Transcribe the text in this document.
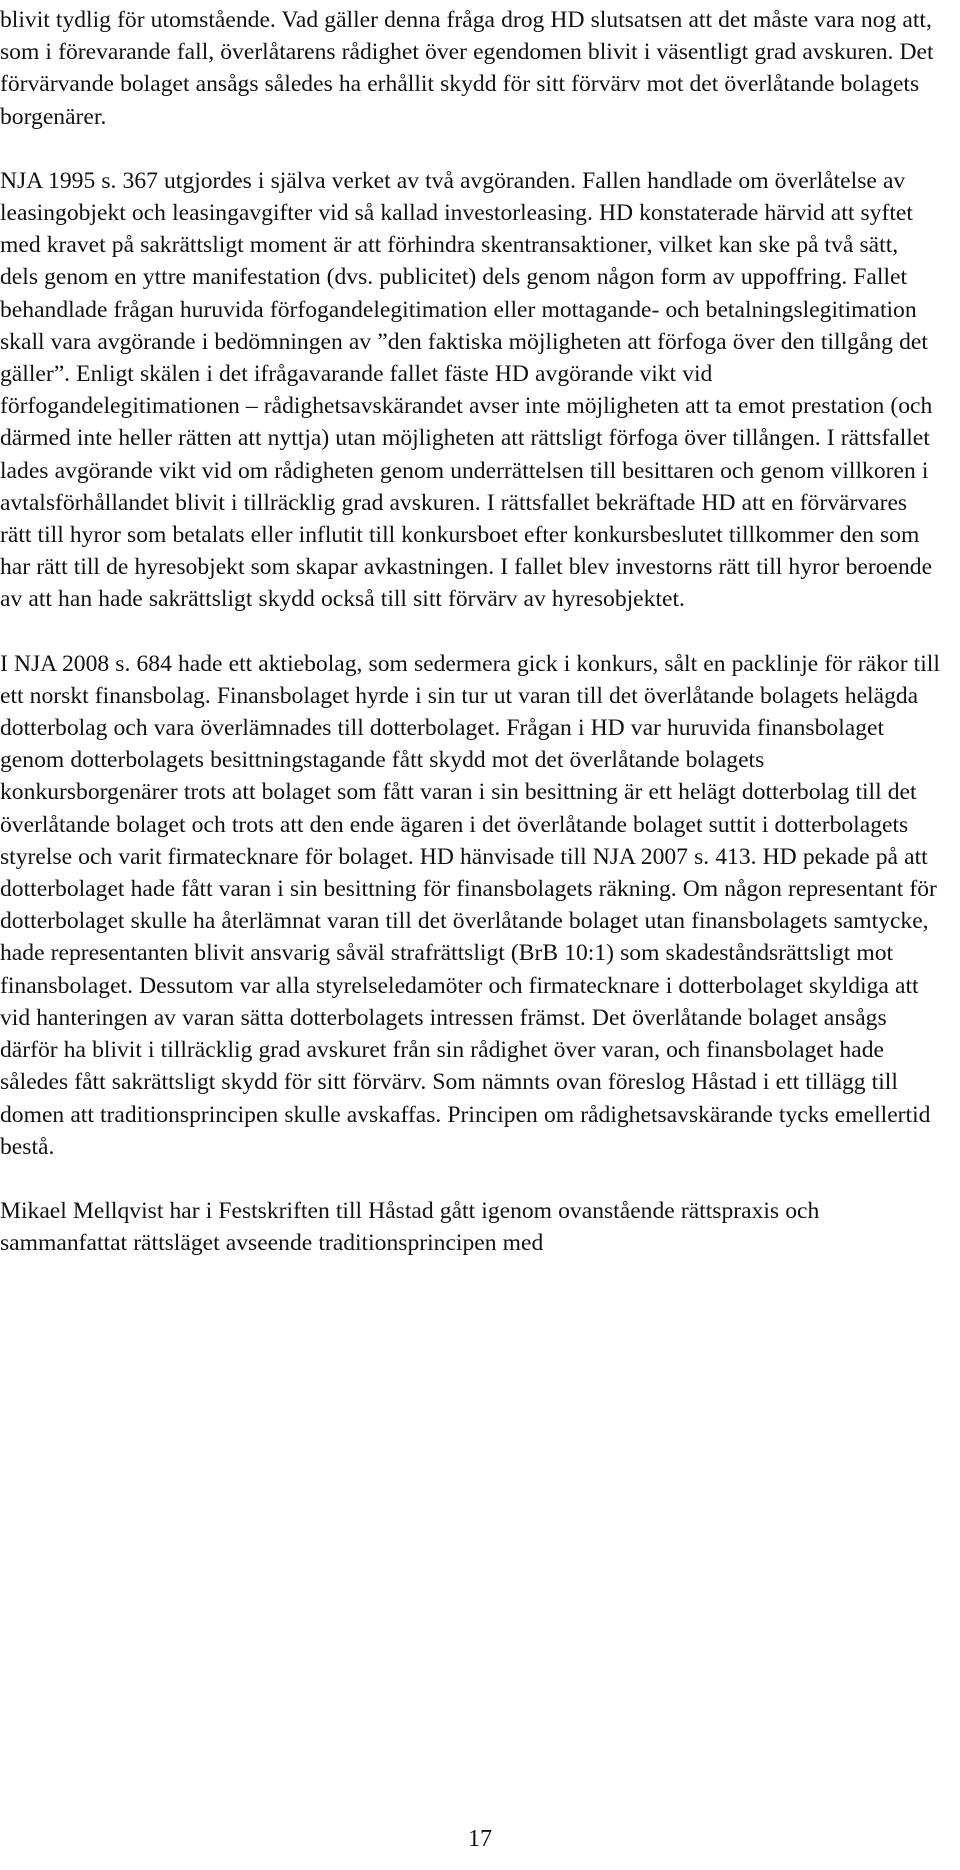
blivit tydlig för utomstående. Vad gäller denna fråga drog HD slutsatsen att det måste vara nog att, som i förevarande fall, överlåtarens rådighet över egendomen blivit i väsentligt grad avskuren. Det förvärvande bolaget ansågs således ha erhållit skydd för sitt förvärv mot det överlåtande bolagets borgenärer.

NJA 1995 s. 367 utgjordes i själva verket av två avgöranden. Fallen handlade om överlåtelse av leasingobjekt och leasingavgifter vid så kallad investorleasing. HD konstaterade härvid att syftet med kravet på sakrättsligt moment är att förhindra skentransaktioner, vilket kan ske på två sätt, dels genom en yttre manifestation (dvs. publicitet) dels genom någon form av uppoffring. Fallet behandlade frågan huruvida förfogandelegitimation eller mottagande- och betalningslegitimation skall vara avgörande i bedömningen av ”den faktiska möjligheten att förfoga över den tillgång det gäller”. Enligt skälen i det ifrågavarande fallet fäste HD avgörande vikt vid förfogandelegitimationen – rådighetsavskärandet avser inte möjligheten att ta emot prestation (och därmed inte heller rätten att nyttja) utan möjligheten att rättsligt förfoga över tillången. I rättsfallet lades avgörande vikt vid om rådigheten genom underrättelsen till besittaren och genom villkoren i avtalsförhållandet blivit i tillräcklig grad avskuren. I rättsfallet bekräftade HD att en förvärvares rätt till hyror som betalats eller influtit till konkursboet efter konkursbeslutet tillkommer den som har rätt till de hyresobjekt som skapar avkastningen. I fallet blev investorns rätt till hyror beroende av att han hade sakrättsligt skydd också till sitt förvärv av hyresobjektet.

I NJA 2008 s. 684 hade ett aktiebolag, som sedermera gick i konkurs, sålt en packlinje för räkor till ett norskt finansbolag. Finansbolaget hyrde i sin tur ut varan till det överlåtande bolagets helägda dotterbolag och vara överlämnades till dotterbolaget. Frågan i HD var huruvida finansbolaget genom dotterbolagets besittningstagande fått skydd mot det överlåtande bolagets konkursborgenärer trots att bolaget som fått varan i sin besittning är ett helägt dotterbolag till det överlåtande bolaget och trots att den ende ägaren i det överlåtande bolaget suttit i dotterbolagets styrelse och varit firmatecknare för bolaget. HD hänvisade till NJA 2007 s. 413. HD pekade på att dotterbolaget hade fått varan i sin besittning för finansbolagets räkning. Om någon representant för dotterbolaget skulle ha återlämnat varan till det överlåtande bolaget utan finansbolagets samtycke, hade representanten blivit ansvarig såväl strafrättsligt (BrB 10:1) som skadeståndsrättsligt mot finansbolaget. Dessutom var alla styrelseledamöter och firmatecknare i dotterbolaget skyldiga att vid hanteringen av varan sätta dotterbolagets intressen främst. Det överlåtande bolaget ansågs därför ha blivit i tillräcklig grad avskuret från sin rådighet över varan, och finansbolaget hade således fått sakrättsligt skydd för sitt förvärv. Som nämnts ovan föreslog Håstad i ett tillägg till domen att traditionsprincipen skulle avskaffas. Principen om rådighetsavskärande tycks emellertid bestå.

Mikael Mellqvist har i Festskriften till Håstad gått igenom ovanstående rättspraxis och sammanfattat rättsläget avseende traditionsprincipen med

17
